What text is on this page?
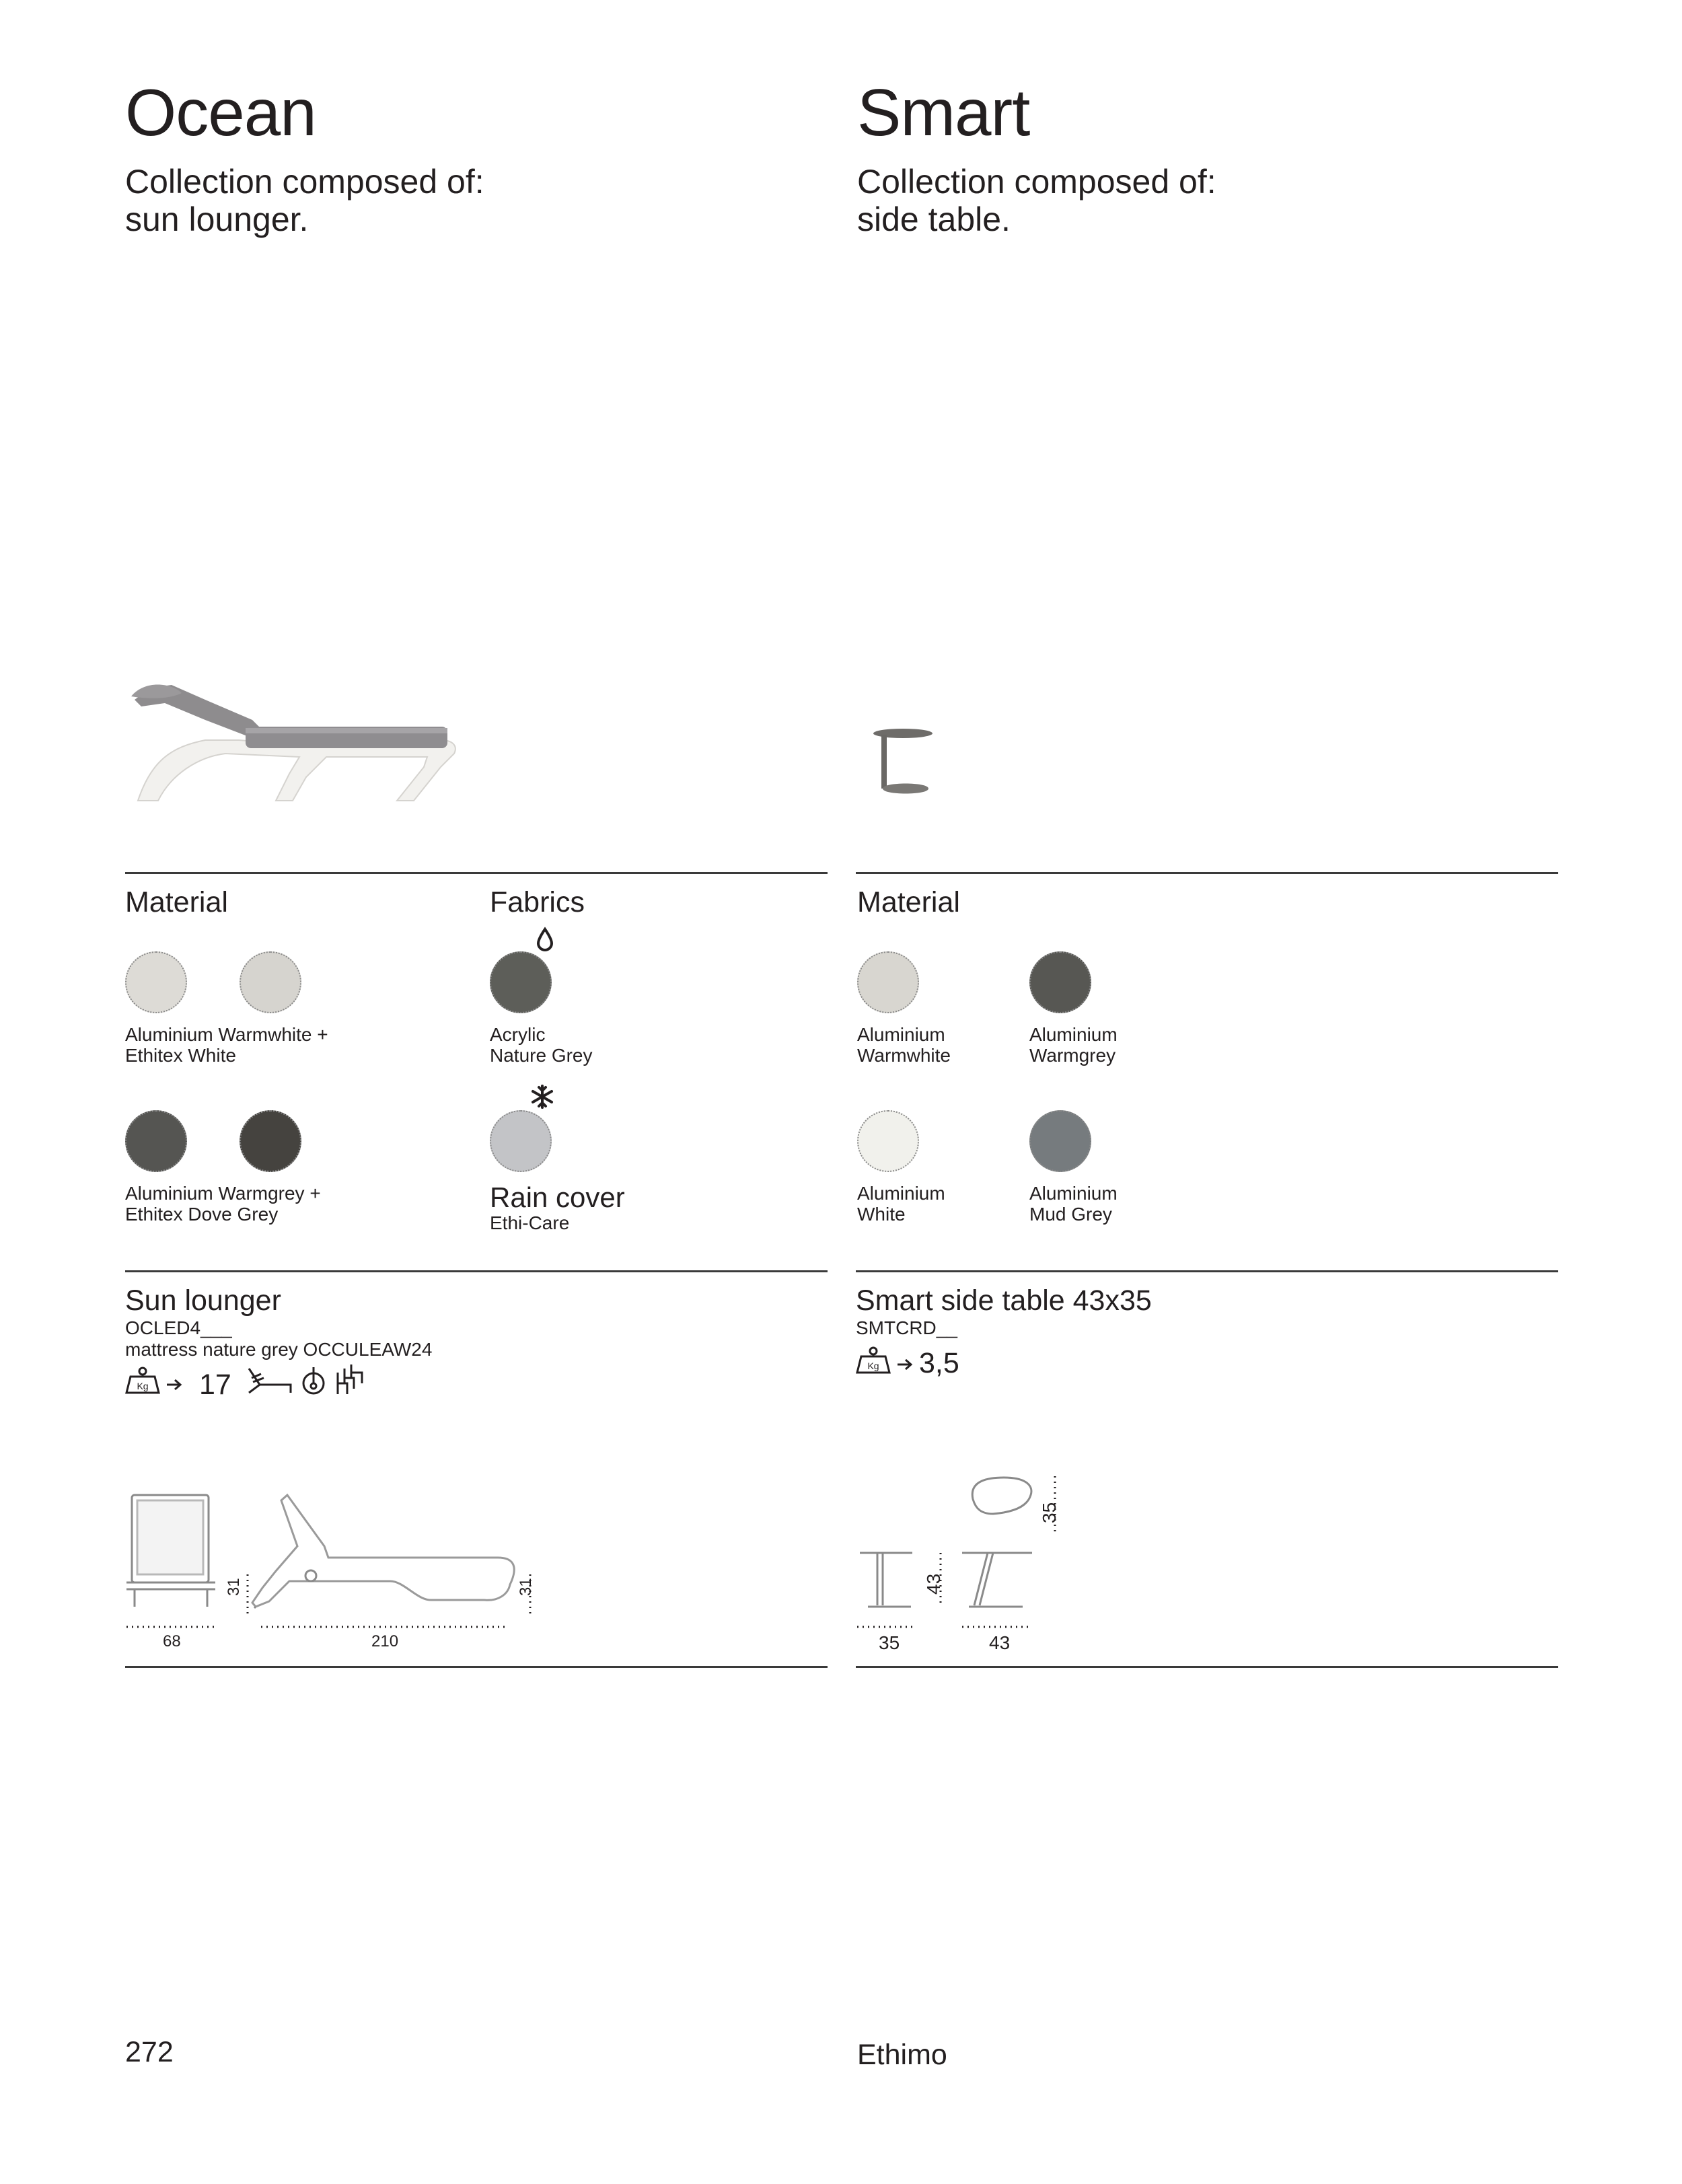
Ocean
Collection composed of:
sun lounger.
Material	Fabrics
Aluminium Warmwhite +
Ethitex White
Aluminium Warmgrey +
Ethitex Dove Grey
Acrylic
Nature Grey
Rain cover
Ethi-Care
Sun lounger
OCLED4___
mattress nature grey OCCULEAW24
Kg 17
68	210
31	31
Smart
Collection composed of:
side table.
Material
Aluminium
Warmwhite
Aluminium
Warmgrey
Aluminium
White
Aluminium
Mud Grey
Smart side table 43x35
SMTCRD__
Kg 3,5
35	43
43
35
272	Ethimo
